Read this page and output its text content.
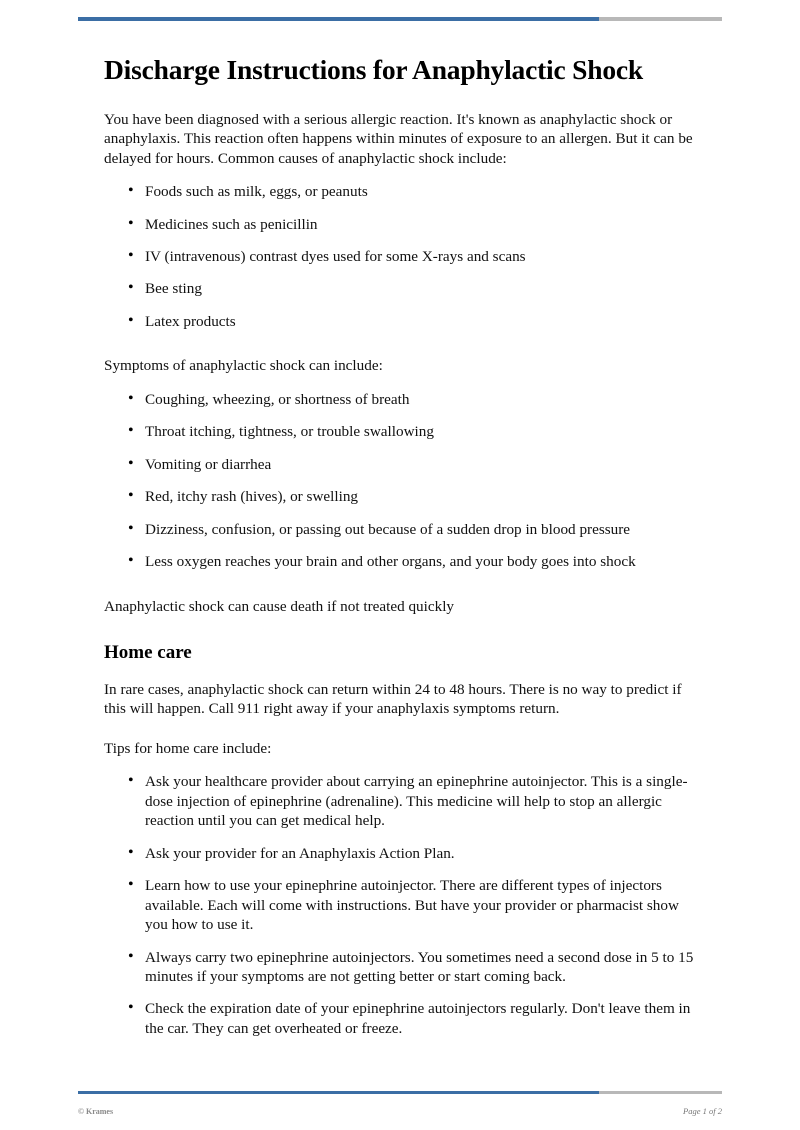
Discharge Instructions for Anaphylactic Shock

You have been diagnosed with a serious allergic reaction. It's known as anaphylactic shock or anaphylaxis. This reaction often happens within minutes of exposure to an allergen. But it can be delayed for hours. Common causes of anaphylactic shock include:

• Foods such as milk, eggs, or peanuts
• Medicines such as penicillin
• IV (intravenous) contrast dyes used for some X-rays and scans
• Bee sting
• Latex products

Symptoms of anaphylactic shock can include:

• Coughing, wheezing, or shortness of breath
• Throat itching, tightness, or trouble swallowing
• Vomiting or diarrhea
• Red, itchy rash (hives), or swelling
• Dizziness, confusion, or passing out because of a sudden drop in blood pressure
• Less oxygen reaches your brain and other organs, and your body goes into shock

Anaphylactic shock can cause death if not treated quickly

Home care

In rare cases, anaphylactic shock can return within 24 to 48 hours. There is no way to predict if this will happen. Call 911 right away if your anaphylaxis symptoms return.

Tips for home care include:

• Ask your healthcare provider about carrying an epinephrine autoinjector. This is a single-dose injection of epinephrine (adrenaline). This medicine will help to stop an allergic reaction until you can get medical help.
• Ask your provider for an Anaphylaxis Action Plan.
• Learn how to use your epinephrine autoinjector. There are different types of injectors available. Each will come with instructions. But have your provider or pharmacist show you how to use it.
• Always carry two epinephrine autoinjectors. You sometimes need a second dose in 5 to 15 minutes if your symptoms are not getting better or start coming back.
• Check the expiration date of your epinephrine autoinjectors regularly. Don't leave them in the car. They can get overheated or freeze.
© Krames	Page 1 of 2
